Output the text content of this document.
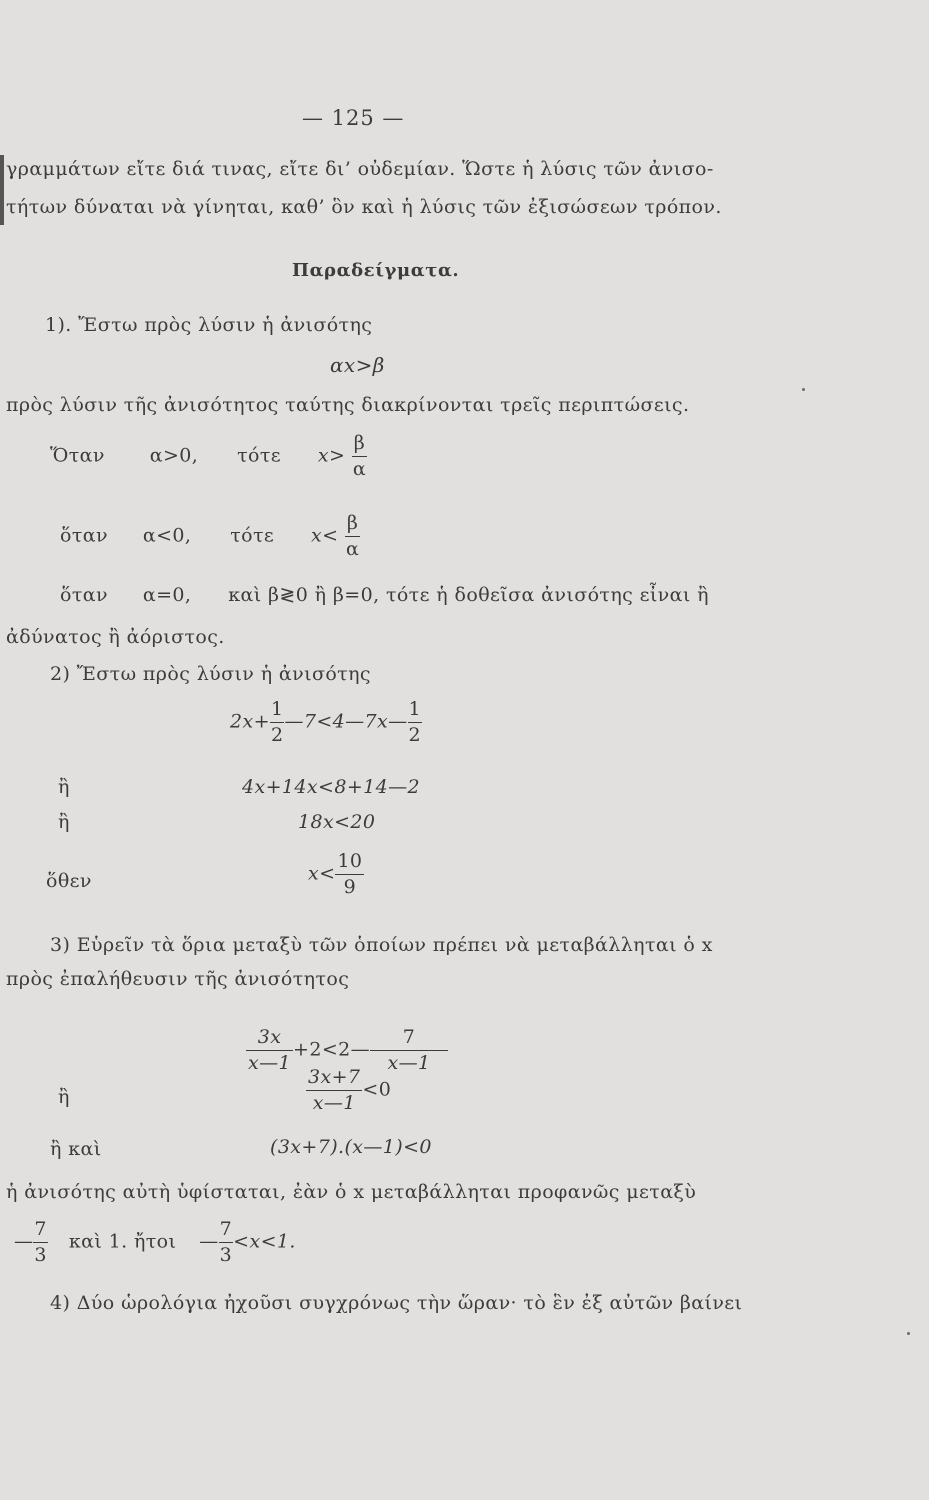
— 125 —
γραμμάτων εἴτε διά τινας, εἴτε δι’ οὐδεμίαν. Ὥστε ἡ λύσις τῶν ἀνισο-
τήτων δύναται νὰ γίνηται, καθ’ ὃν καὶ ἡ λύσις τῶν ἐξισώσεων τρόπον.
Παραδείγματα.
1). Ἔστω πρὸς λύσιν ἡ ἀνισότης
αx>β
πρὸς λύσιν τῆς ἀνισότητος ταύτης διακρίνονται τρεῖς περιπτώσεις.
Ὅταν α>0, τότε $x> \frac{\beta}{\alpha}$
ὅταν α<0, τότε $x< \frac{\beta}{\alpha}$
ὅταν α=0, καὶ β≷0 ἢ β=0, τότε ἡ δοθεῖσα ἀνισότης εἶναι ἢ
ἀδύνατος ἢ ἀόριστος.
2) Ἔστω πρὸς λύσιν ἡ ἀνισότης
$2x+ \frac{1}{2}$ —7<4—7x— $\frac{1}{2}$
ἢ	4x+14x<8+14—2
ἢ	18x<20
ὅθεν	$x< \frac{10}{9}$
3) Εὑρεῖν τὰ ὅρια μεταξὺ τῶν ὁποίων πρέπει νὰ μεταβάλληται ὁ x
πρὸς ἐπαλήθευσιν τῆς ἀνισότητος
$\frac{3x}{x—1}$ +2<2— $\frac{7}{x—1}$
ἢ	$\frac{3x+7}{x—1} <0$
ἢ καὶ	(3x+7).(x—1)<0
ἡ ἀνισότης αὐτὴ ὑφίσταται, ἐὰν ὁ x μεταβάλληται προφανῶς μεταξὺ
— $\frac{7}{3}$ καὶ 1. ἤτοι — $\frac{7}{3} <x<1$.
4) Δύο ὡρολόγια ἠχοῦσι συγχρόνως τὴν ὥραν· τὸ ἓν ἐξ αὐτῶν βαίνει
